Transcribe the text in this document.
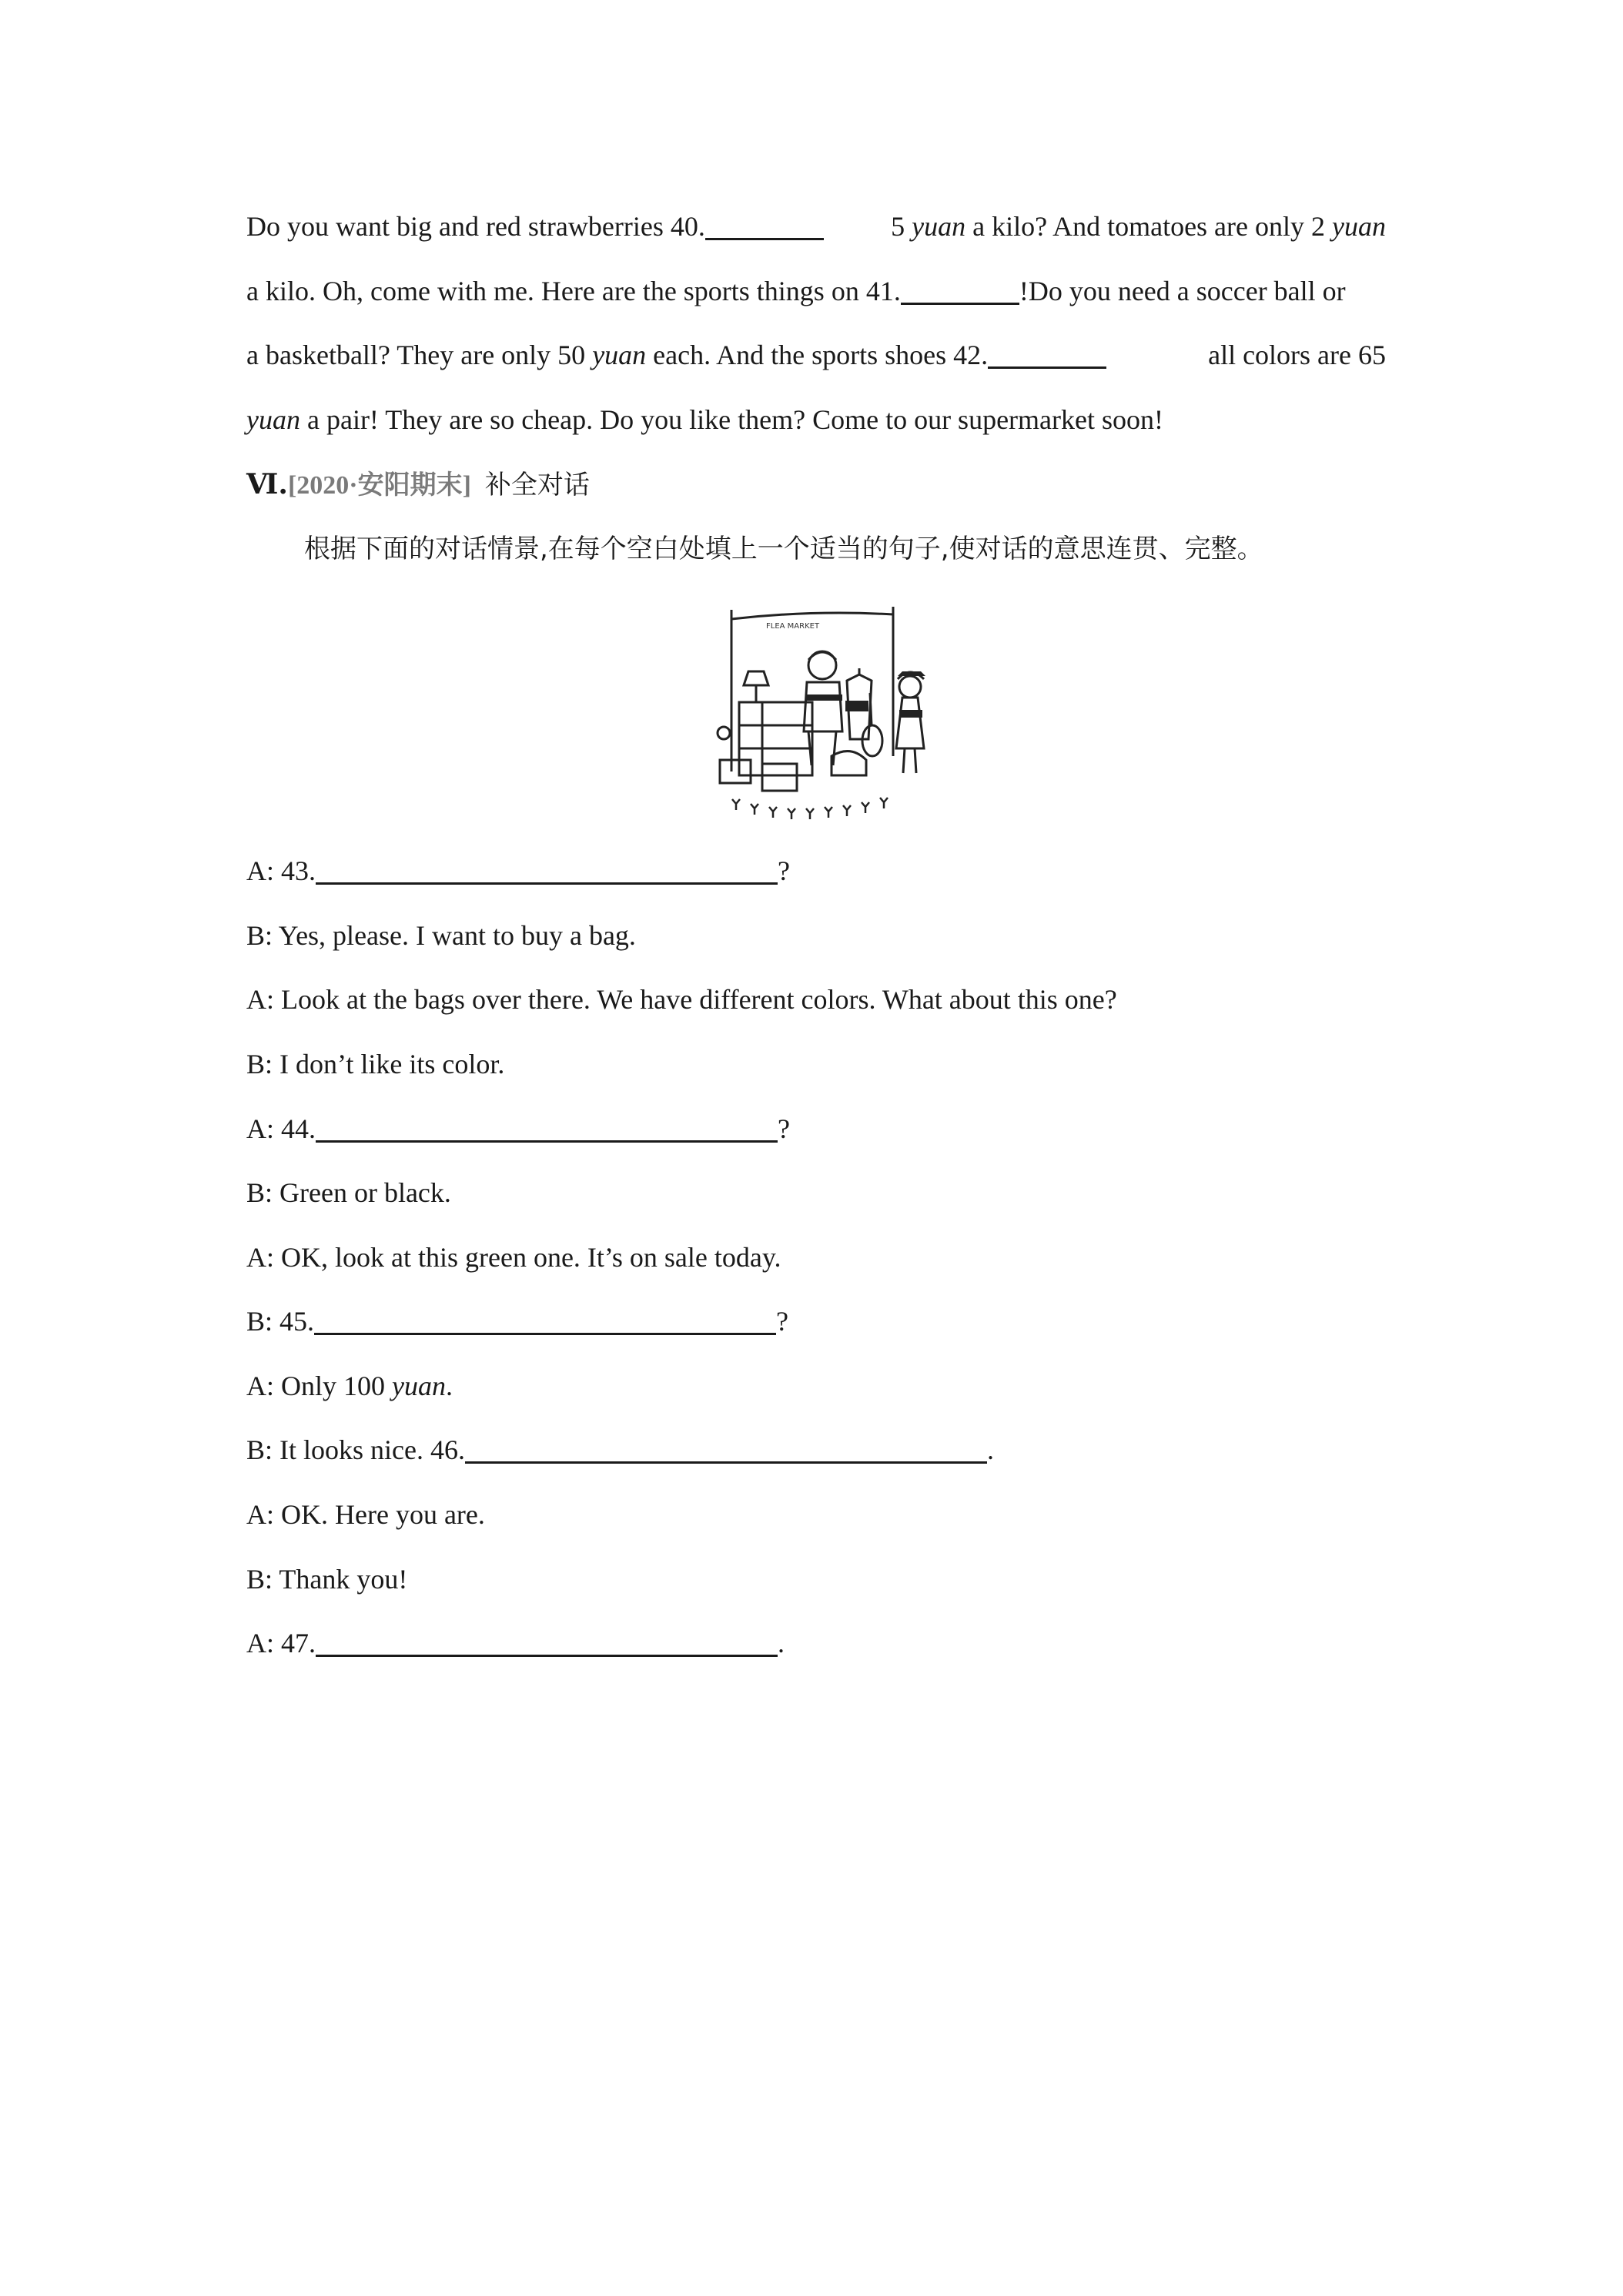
Do you want big and red strawberries 40.	5 yuan a kilo? And tomatoes are only 2 yuan
a kilo. Oh, come with me. Here are the sports things on 41.	!Do you need a soccer ball or
a basketball? They are only 50 yuan each. And the sports shoes 42.	all colors are 65
yuan a pair! They are so cheap. Do you like them? Come to our supermarket soon!
Ⅵ.[2020·安阳期末] 补全对话
根据下面的对话情景,在每个空白处填上一个适当的句子,使对话的意思连贯、完整。
FLEA MARKET
A: 43.	?
B: Yes, please. I want to buy a bag.
A: Look at the bags over there. We have different colors. What about this one?
B: I don’t like its color.
A: 44.	?
B: Green or black.
A: OK, look at this green one. It’s on sale today.
B: 45.	?
A: Only 100 yuan.
B: It looks nice. 46.	.
A: OK. Here you are.
B: Thank you!
A: 47.	.
